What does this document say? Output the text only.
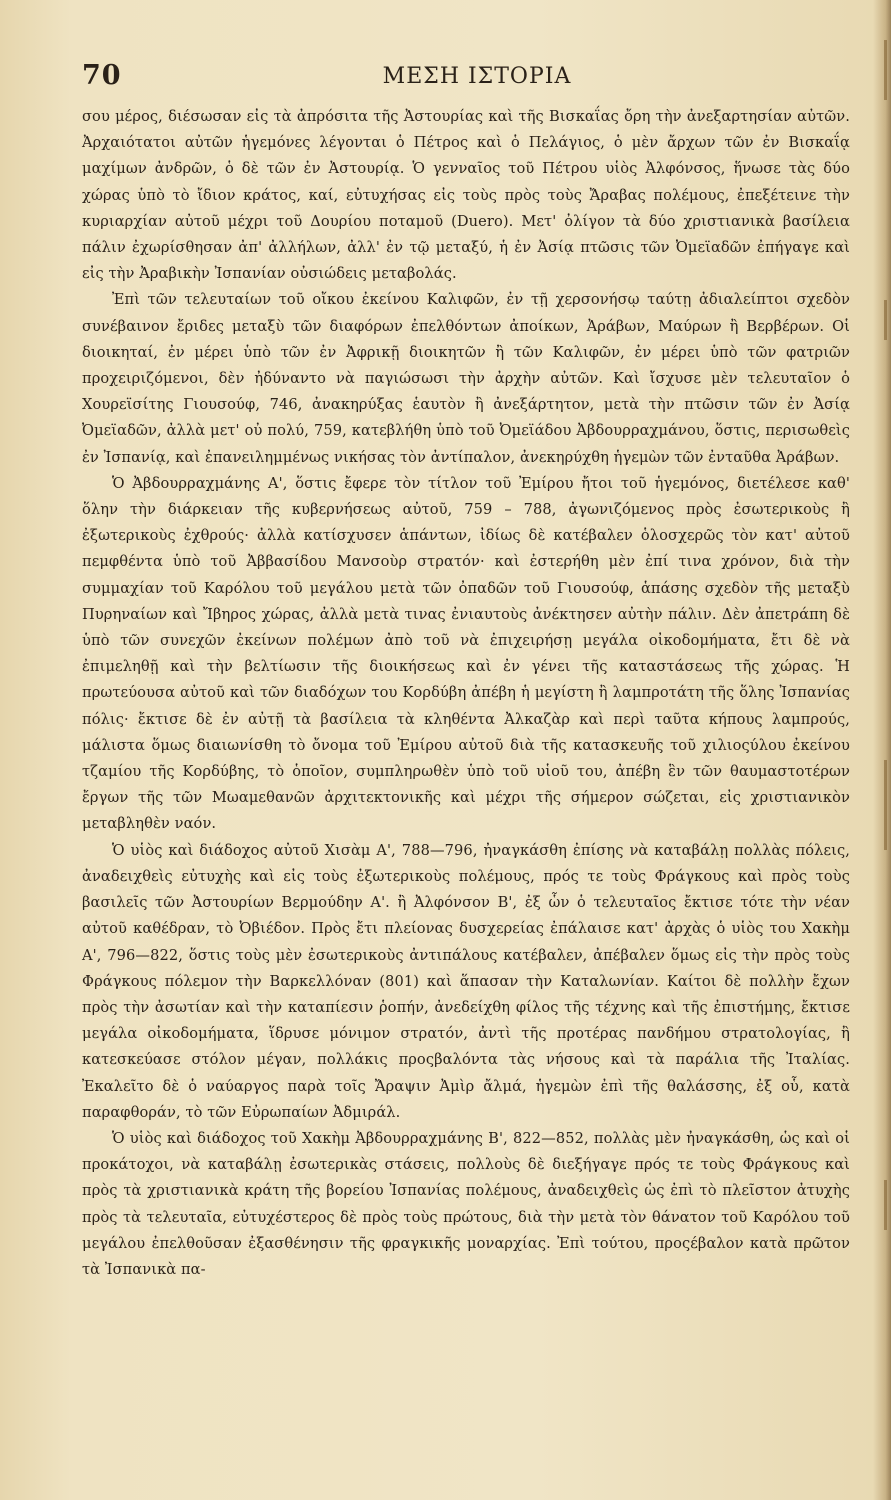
70	ΜΕΣΗ ΙΣΤΟΡΙΑ

σου μέρος, διέσωσαν εἰς τὰ ἀπρόσιτα τῆς Ἀστουρίας καὶ τῆς Βισκαΐας ὄρη τὴν ἀνεξαρτησίαν αὐτῶν. Ἀρχαιότατοι αὐτῶν ἡγεμόνες λέγονται ὁ Πέτρος καὶ ὁ Πελάγιος, ὁ μὲν ἄρχων τῶν ἐν Βισκαΐᾳ μαχίμων ἀνδρῶν, ὁ δὲ τῶν ἐν Ἀστουρίᾳ. Ὁ γενναῖος τοῦ Πέτρου υἱὸς Ἀλφόνσος, ἥνωσε τὰς δύο χώρας ὑπὸ τὸ ἴδιον κράτος, καί, εὐτυχήσας εἰς τοὺς πρὸς τοὺς Ἄραβας πολέμους, ἐπεξέτεινε τὴν κυριαρχίαν αὐτοῦ μέχρι τοῦ Δουρίου ποταμοῦ (Duero). Μετ' ὀλίγον τὰ δύο χριστιανικὰ βασίλεια πάλιν ἐχωρίσθησαν ἀπ' ἀλλήλων, ἀλλ' ἐν τῷ μεταξύ, ἡ ἐν Ἀσίᾳ πτῶσις τῶν Ὀμεϊαδῶν ἐπήγαγε καὶ εἰς τὴν Ἀραβικὴν Ἰσπανίαν οὐσιώδεις μεταβολάς.

Ἐπὶ τῶν τελευταίων τοῦ οἴκου ἐκείνου Καλιφῶν, ἐν τῇ χερσονήσῳ ταύτῃ ἀδιαλείπτοι σχεδὸν συνέβαινον ἔριδες μεταξὺ τῶν διαφόρων ἐπελθόντων ἀποίκων, Ἀράβων, Μαύρων ἢ Βερβέρων. Οἱ διοικηταί, ἐν μέρει ὑπὸ τῶν ἐν Ἀφρικῇ διοικητῶν ἢ τῶν Καλιφῶν, ἐν μέρει ὑπὸ τῶν φατριῶν προχειριζόμενοι, δὲν ἠδύναντο νὰ παγιώσωσι τὴν ἀρχὴν αὐτῶν. Καὶ ἴσχυσε μὲν τελευταῖον ὁ Χουρεϊσίτης Γιουσούφ, 746, ἀνακηρύξας ἑαυτὸν ἢ ἀνεξάρτητον, μετὰ τὴν πτῶσιν τῶν ἐν Ἀσίᾳ Ὀμεϊαδῶν, ἀλλὰ μετ' οὐ πολύ, 759, κατεβλήθη ὑπὸ τοῦ Ὀμεϊάδου Ἀβδουρραχμάνου, ὅστις, περισωθεὶς ἐν Ἰσπανίᾳ, καὶ ἐπανειλημμένως νικήσας τὸν ἀντίπαλον, ἀνεκηρύχθη ἡγεμὼν τῶν ἐνταῦθα Ἀράβων.

Ὁ Ἀβδουρραχμάνης Α', ὅστις ἔφερε τὸν τίτλον τοῦ Ἐμίρου ἤτοι τοῦ ἡγεμόνος, διετέλεσε καθ' ὅλην τὴν διάρκειαν τῆς κυβερνήσεως αὐτοῦ, 759 – 788, ἀγωνιζόμενος πρὸς ἐσωτερικοὺς ἢ ἐξωτερικοὺς ἐχθρούς· ἀλλὰ κατίσχυσεν ἁπάντων, ἰδίως δὲ κατέβαλεν ὁλοσχερῶς τὸν κατ' αὐτοῦ πεμφθέντα ὑπὸ τοῦ Ἀββασίδου Μανσοὺρ στρατόν· καὶ ἐστερήθη μὲν ἐπί τινα χρόνον, διὰ τὴν συμμαχίαν τοῦ Καρόλου τοῦ μεγάλου μετὰ τῶν ὀπαδῶν τοῦ Γιουσούφ, ἁπάσης σχεδὸν τῆς μεταξὺ Πυρηναίων καὶ Ἴβηρος χώρας, ἀλλὰ μετὰ τινας ἐνιαυτοὺς ἀνέκτησεν αὐτὴν πάλιν. Δὲν ἀπετράπη δὲ ὑπὸ τῶν συνεχῶν ἐκείνων πολέμων ἀπὸ τοῦ νὰ ἐπιχειρήσῃ μεγάλα οἰκοδομήματα, ἔτι δὲ νὰ ἐπιμεληθῇ καὶ τὴν βελτίωσιν τῆς διοικήσεως καὶ ἐν γένει τῆς καταστάσεως τῆς χώρας. Ἡ πρωτεύουσα αὐτοῦ καὶ τῶν διαδόχων του Κορδύβη ἀπέβη ἡ μεγίστη ἢ λαμπροτάτη τῆς ὅλης Ἰσπανίας πόλις· ἔκτισε δὲ ἐν αὐτῇ τὰ βασίλεια τὰ κληθέντα Ἀλκαζὰρ καὶ περὶ ταῦτα κήπους λαμπρούς, μάλιστα ὅμως διαιωνίσθη τὸ ὄνομα τοῦ Ἐμίρου αὐτοῦ διὰ τῆς κατασκευῆς τοῦ χιλιοςύλου ἐκείνου τζαμίου τῆς Κορδύβης, τὸ ὁποῖον, συμπληρωθὲν ὑπὸ τοῦ υἱοῦ του, ἀπέβη ἓν τῶν θαυμαστοτέρων ἔργων τῆς τῶν Μωαμεθανῶν ἀρχιτεκτονικῆς καὶ μέχρι τῆς σήμερον σώζεται, εἰς χριστιανικὸν μεταβληθὲν ναόν.

Ὁ υἱὸς καὶ διάδοχος αὐτοῦ Χισὰμ Α', 788—796, ἠναγκάσθη ἐπίσης νὰ καταβάλῃ πολλὰς πόλεις, ἀναδειχθεὶς εὐτυχὴς καὶ εἰς τοὺς ἐξωτερικοὺς πολέμους, πρός τε τοὺς Φράγκους καὶ πρὸς τοὺς βασιλεῖς τῶν Ἀστουρίων Βερμούδην Α'. ἢ Ἀλφόνσον Β', ἐξ ὧν ὁ τελευταῖος ἔκτισε τότε τὴν νέαν αὐτοῦ καθέδραν, τὸ Ὀβιέδον. Πρὸς ἔτι πλείονας δυσχερείας ἐπάλαισε κατ' ἀρχὰς ὁ υἱὸς του Χακὴμ Α', 796—822, ὅστις τοὺς μὲν ἐσωτερικοὺς ἀντιπάλους κατέβαλεν, ἀπέβαλεν ὅμως εἰς τὴν πρὸς τοὺς Φράγκους πόλεμον τὴν Βαρκελλόναν (801) καὶ ἅπασαν τὴν Καταλωνίαν. Καίτοι δὲ πολλὴν ἔχων πρὸς τὴν ἀσωτίαν καὶ τὴν καταπίεσιν ῥοπήν, ἀνεδείχθη φίλος τῆς τέχνης καὶ τῆς ἐπιστήμης, ἔκτισε μεγάλα οἰκοδομήματα, ἵδρυσε μόνιμον στρατόν, ἀντὶ τῆς προτέρας πανδήμου στρατολογίας, ἢ κατεσκεύασε στόλον μέγαν, πολλάκις προςβαλόντα τὰς νήσους καὶ τὰ παράλια τῆς Ἰταλίας. Ἐκαλεῖτο δὲ ὁ ναύαργος παρὰ τοῖς Ἄραψιν Ἀμὶρ ἄλμά, ἡγεμὼν ἐπὶ τῆς θαλάσσης, ἐξ οὗ, κατὰ παραφθοράν, τὸ τῶν Εὐρωπαίων Ἀδμιράλ.

Ὁ υἱὸς καὶ διάδοχος τοῦ Χακὴμ Ἀβδουρραχμάνης Β', 822—852, πολλὰς μὲν ἠναγκάσθη, ὡς καὶ οἱ προκάτοχοι, νὰ καταβάλῃ ἐσωτερικὰς στάσεις, πολλοὺς δὲ διεξήγαγε πρός τε τοὺς Φράγκους καὶ πρὸς τὰ χριστιανικὰ κράτη τῆς βορείου Ἰσπανίας πολέμους, ἀναδειχθεὶς ὡς ἐπὶ τὸ πλεῖστον ἀτυχὴς πρὸς τὰ τελευταῖα, εὐτυχέστερος δὲ πρὸς τοὺς πρώτους, διὰ τὴν μετὰ τὸν θάνατον τοῦ Καρόλου τοῦ μεγάλου ἐπελθοῦσαν ἐξασθένησιν τῆς φραγκικῆς μοναρχίας. Ἐπὶ τούτου, προςέβαλον κατὰ πρῶτον τὰ Ἰσπανικὰ πα-
